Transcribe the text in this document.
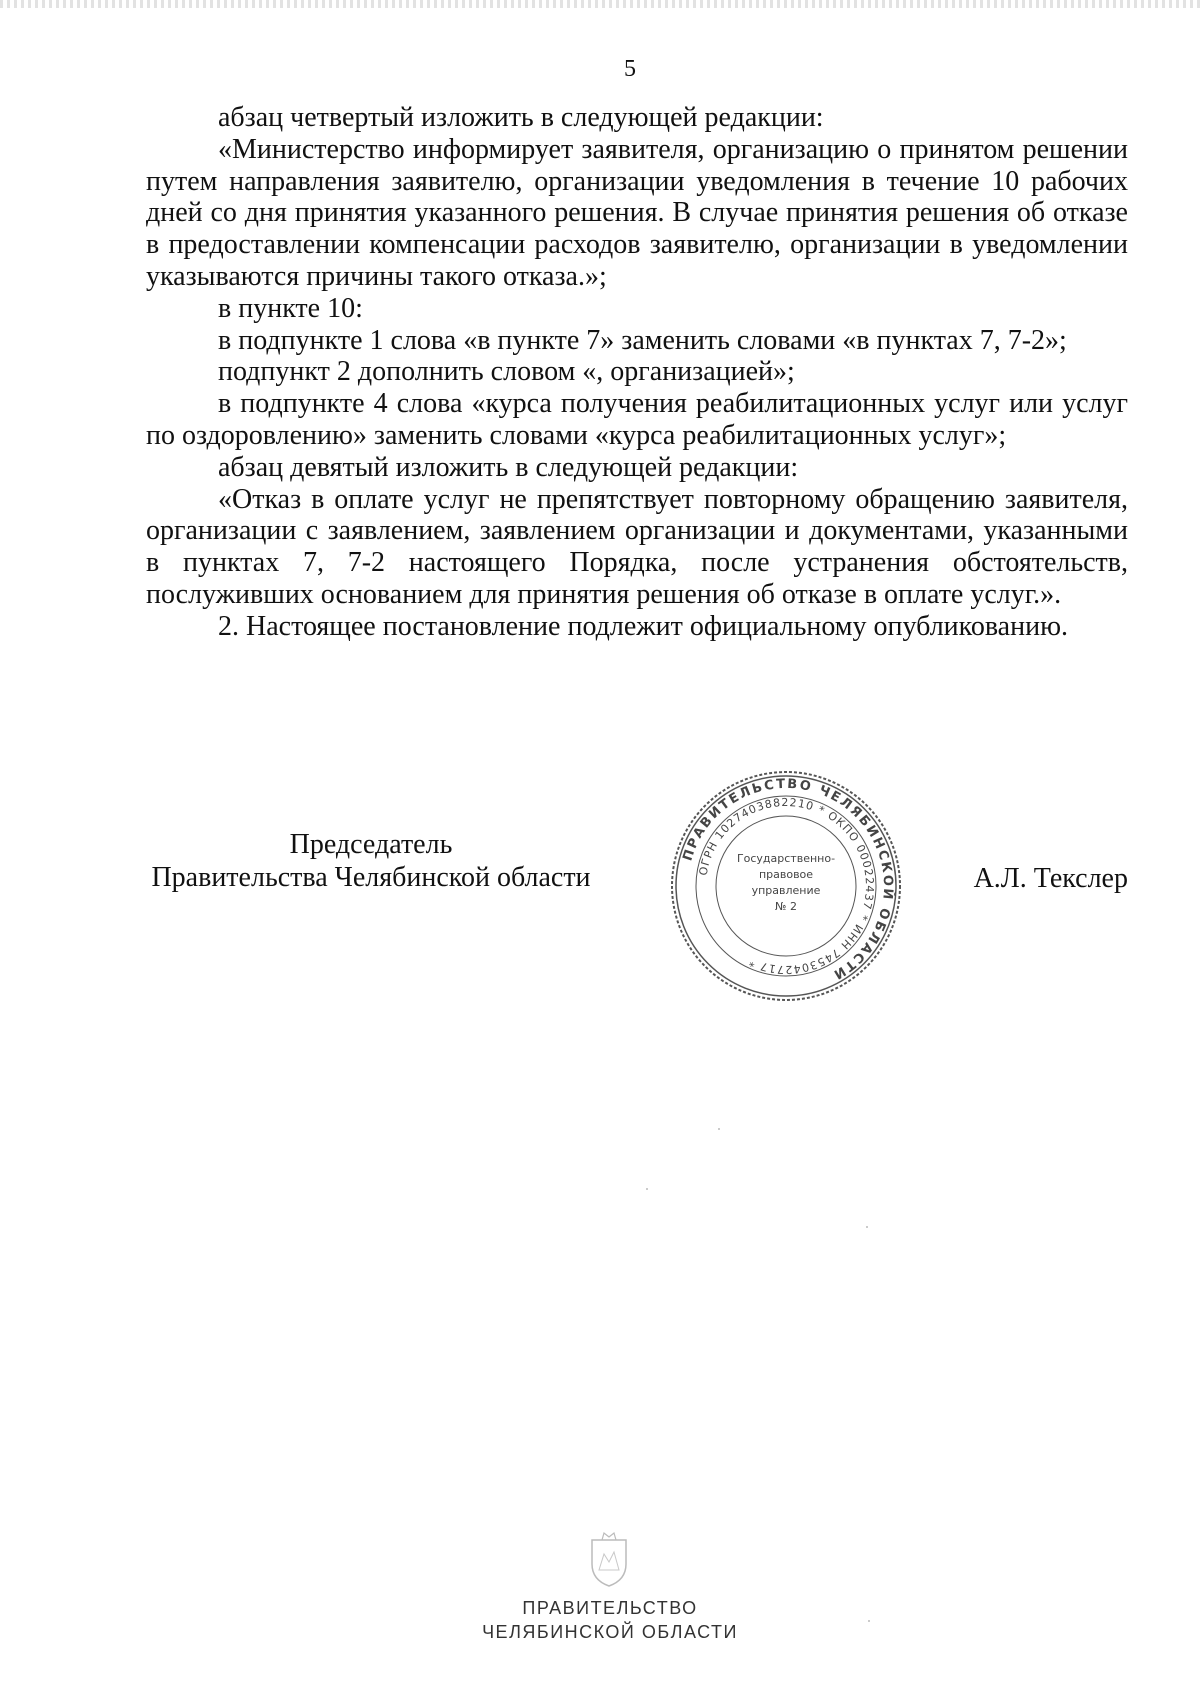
5

абзац четвертый изложить в следующей редакции:

«Министерство информирует заявителя, организацию о принятом решении путем направления заявителю, организации уведомления в течение 10 рабочих дней со дня принятия указанного решения. В случае принятия решения об отказе в предоставлении компенсации расходов заявителю, организации в уведомлении указываются причины такого отказа.»;

в пункте 10:

в подпункте 1 слова «в пункте 7» заменить словами «в пунктах 7, 7-2»;

подпункт 2 дополнить словом «, организацией»;

в подпункте 4 слова «курса получения реабилитационных услуг или услуг по оздоровлению» заменить словами «курса реабилитационных услуг»;

абзац девятый изложить в следующей редакции:

«Отказ в оплате услуг не препятствует повторному обращению заявителя, организации с заявлением, заявлением организации и документами, указанными в пунктах 7, 7-2 настоящего Порядка, после устранения обстоятельств, послуживших основанием для принятия решения об отказе в оплате услуг.».

2. Настоящее постановление подлежит официальному опубликованию.

Председатель
Правительства Челябинской области
ПРАВИТЕЛЬСТВО ЧЕЛЯБИНСКОЙ ОБЛАСТИ
ОГРН 1027403882210 * ОКПО 00022437 * ИНН 7453042717 *
Государственно-
правовое
управление
№ 2
А.Л. Текслер
ПРАВИТЕЛЬСТВО
ЧЕЛЯБИНСКОЙ ОБЛАСТИ
